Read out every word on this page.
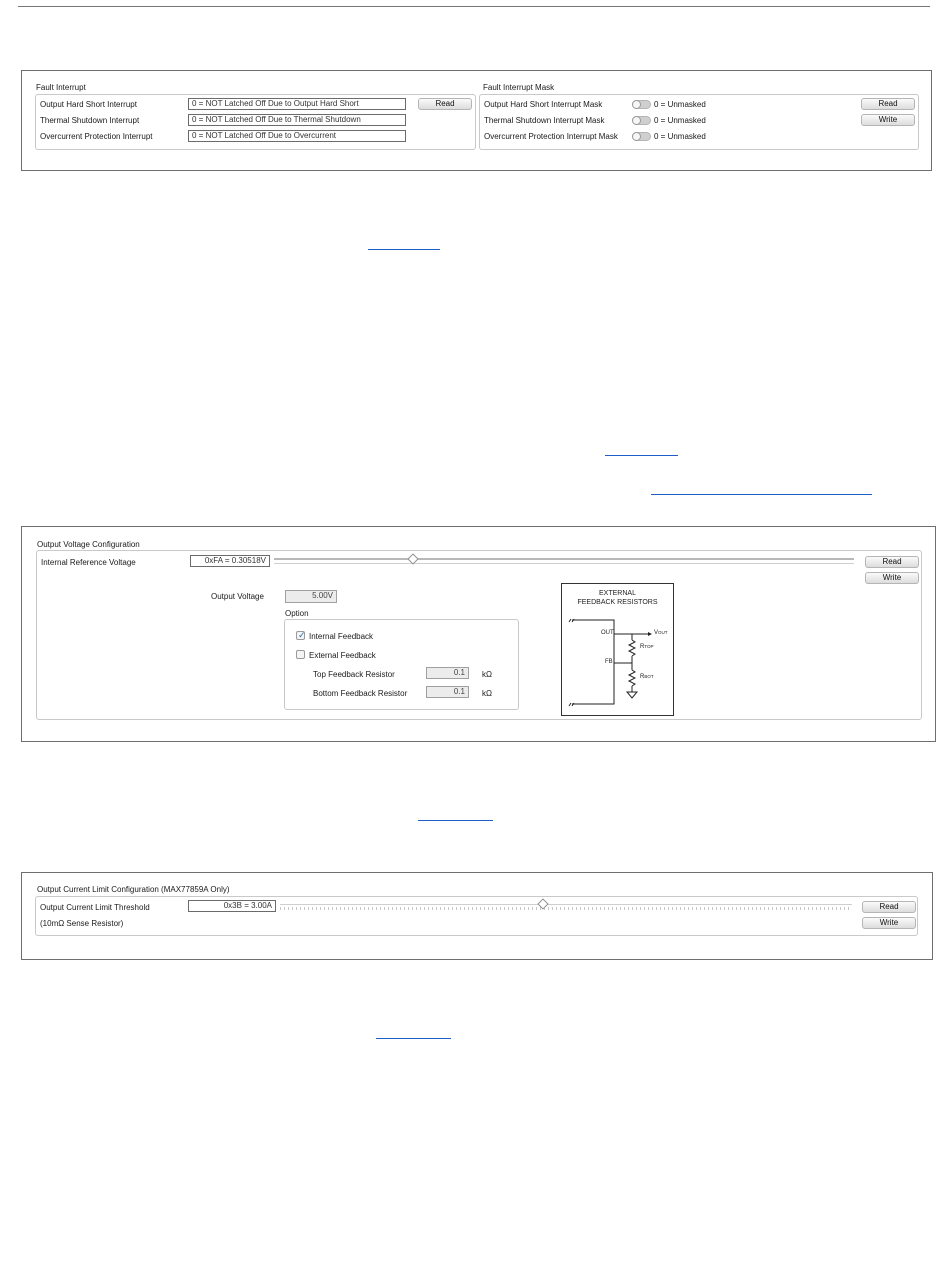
Fault Interrupt
Output Hard Short Interrupt	0 = NOT Latched Off Due to Output Hard Short
Thermal Shutdown Interrupt	0 = NOT Latched Off Due to Thermal Shutdown
Overcurrent Protection Interrupt	0 = NOT Latched Off Due to Overcurrent
Read
Fault Interrupt Mask
Output Hard Short Interrupt Mask	0 = Unmasked
Thermal Shutdown Interrupt Mask	0 = Unmasked
Overcurrent Protection Interrupt Mask	0 = Unmasked
Read
Write
Output Voltage Configuration
Internal Reference Voltage	0xFA = 0.30518V	Read
Write
Output Voltage	5.00V
Option
✓ Internal Feedback
External Feedback
Top Feedback Resistor	0.1	kΩ
Bottom Feedback Resistor	0.1	kΩ
EXTERNAL
FEEDBACK RESISTORS
OUT
FB
VOUT
RTOP
RBOT
Output Current Limit Configuration (MAX77859A Only)
Output Current Limit Threshold
(10mΩ Sense Resistor)
0x3B = 3.00A	Read
Write
